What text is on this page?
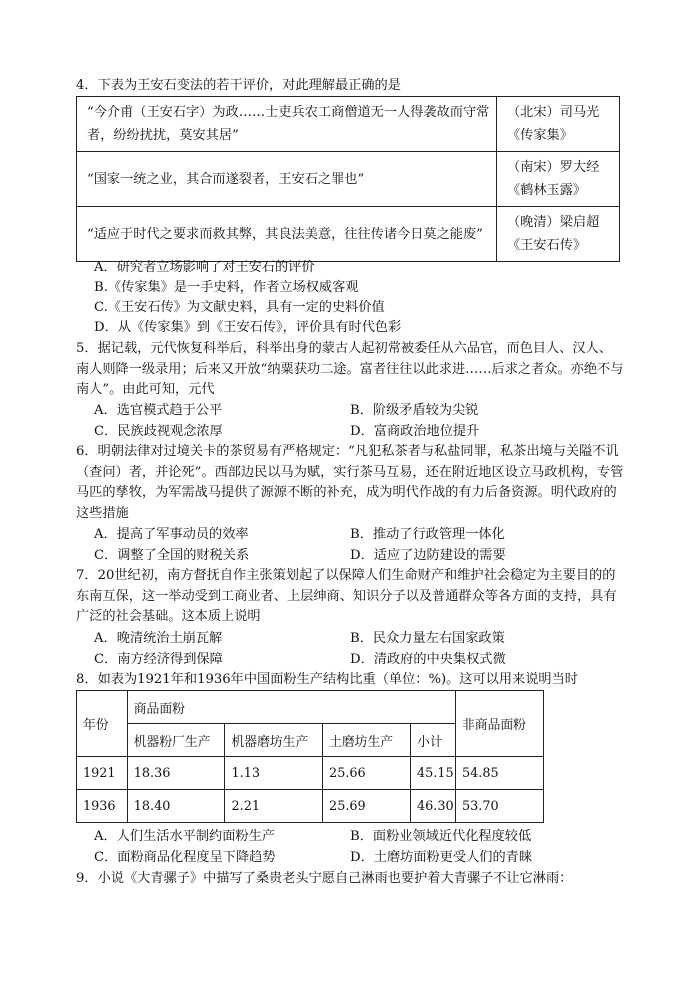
4．下表为王安石变法的若干评价，对此理解最正确的是
“今介甫（王安石字）为政……士吏兵农工商僧道无一人得袭故而守常者，纷纷扰扰，莫安其居”	（北宋）司马光
《传家集》

“国家一统之业，其合而遂裂者，王安石之罪也”	（南宋）罗大经
《鹤林玉露》

“适应于时代之要求而救其弊，其良法美意，往往传诸今日莫之能废”	（晚清）梁启超
《王安石传》
A．研究者立场影响了对王安石的评价
B.《传家集》是一手史料，作者立场权威客观
C.《王安石传》为文献史料，具有一定的史料价值
D．从《传家集》到《王安石传》，评价具有时代色彩
5．据记载，元代恢复科举后，科举出身的蒙古人起初常被委任从六品官，而色目人、汉人、南人则降一级录用；后来又开放“纳粟获功二途。富者往往以此求进……后求之者众。亦绝不与南人”。由此可知，元代
A．选官模式趋于公平	B．阶级矛盾较为尖锐
C．民族歧视观念浓厚	D．富商政治地位提升
6．明朝法律对过境关卡的茶贸易有严格规定：“凡犯私茶者与私盐同罪，私茶出境与关隘不讥（查问）者，并论死”。西部边民以马为赋，实行茶马互易，还在附近地区设立马政机构，专管马匹的孳牧，为军需战马提供了源源不断的补充，成为明代作战的有力后备资源。明代政府的这些措施
A．提高了军事动员的效率	B．推动了行政管理一体化
C．调整了全国的财税关系	D．适应了边防建设的需要
7．20世纪初，南方督抚自作主张策划起了以保障人们生命财产和维护社会稳定为主要目的的东南互保，这一举动受到工商业者、上层绅商、知识分子以及普通群众等各方面的支持，具有广泛的社会基础。这本质上说明
A．晚清统治土崩瓦解	B．民众力量左右国家政策
C．南方经济得到保障	D．清政府的中央集权式微
8．如表为1921年和1936年中国面粉生产结构比重（单位：%)。这可以用来说明当时
年份	商品面粉				非商品面粉
	机器粉厂生产	机器磨坊生产	土磨坊生产	小计	
1921	18.36	1.13	25.66	45.15	54.85
1936	18.40	2.21	25.69	46.30	53.70
A．人们生活水平制约面粉生产	B．面粉业领域近代化程度较低
C．面粉商品化程度呈下降趋势	D．土磨坊面粉更受人们的青睐
9．小说《大青骡子》中描写了桑贵老头宁愿自己淋雨也要护着大青骡子不让它淋雨：
